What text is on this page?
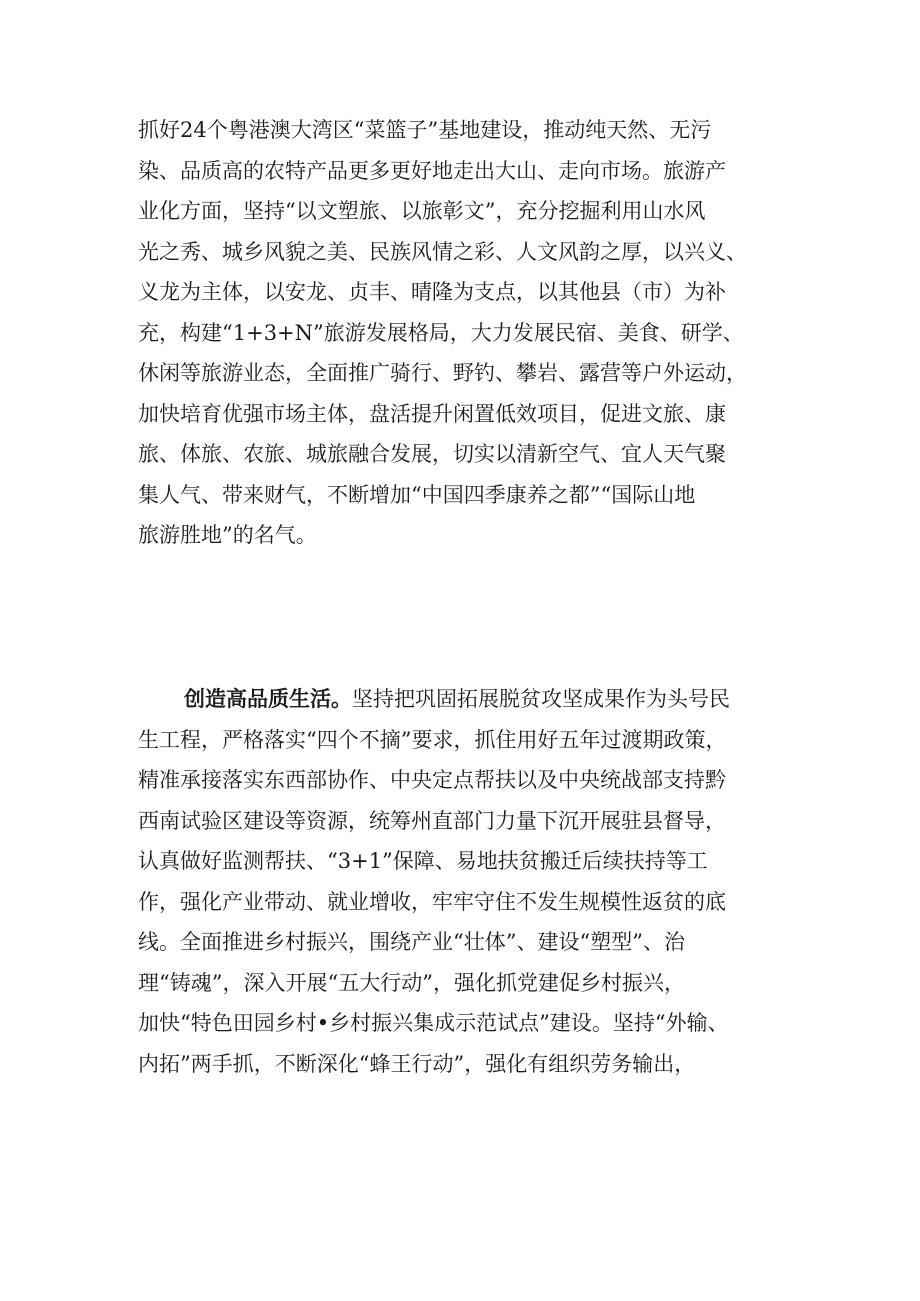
抓好24个粤港澳大湾区“菜篮子”基地建设，推动纯天然、无污
染、品质高的农特产品更多更好地走出大山、走向市场。旅游产
业化方面，坚持“以文塑旅、以旅彰文”，充分挖掘利用山水风
光之秀、城乡风貌之美、民族风情之彩、人文风韵之厚，以兴义、
义龙为主体，以安龙、贞丰、晴隆为支点，以其他县（市）为补
充，构建“1+3+N”旅游发展格局，大力发展民宿、美食、研学、
休闲等旅游业态，全面推广骑行、野钓、攀岩、露营等户外运动，
加快培育优强市场主体，盘活提升闲置低效项目，促进文旅、康
旅、体旅、农旅、城旅融合发展，切实以清新空气、宜人天气聚
集人气、带来财气，不断增加“中国四季康养之都”“国际山地
旅游胜地”的名气。
创造高品质生活。坚持把巩固拓展脱贫攻坚成果作为头号民
生工程，严格落实“四个不摘”要求，抓住用好五年过渡期政策，
精准承接落实东西部协作、中央定点帮扶以及中央统战部支持黔
西南试验区建设等资源，统筹州直部门力量下沉开展驻县督导，
认真做好监测帮扶、“3+1”保障、易地扶贫搬迁后续扶持等工
作，强化产业带动、就业增收，牢牢守住不发生规模性返贫的底
线。全面推进乡村振兴，围绕产业“壮体”、建设“塑型”、治
理“铸魂”，深入开展“五大行动”，强化抓党建促乡村振兴，
加快“特色田园乡村•乡村振兴集成示范试点”建设。坚持“外输、
内拓”两手抓，不断深化“蜂王行动”，强化有组织劳务输出，
